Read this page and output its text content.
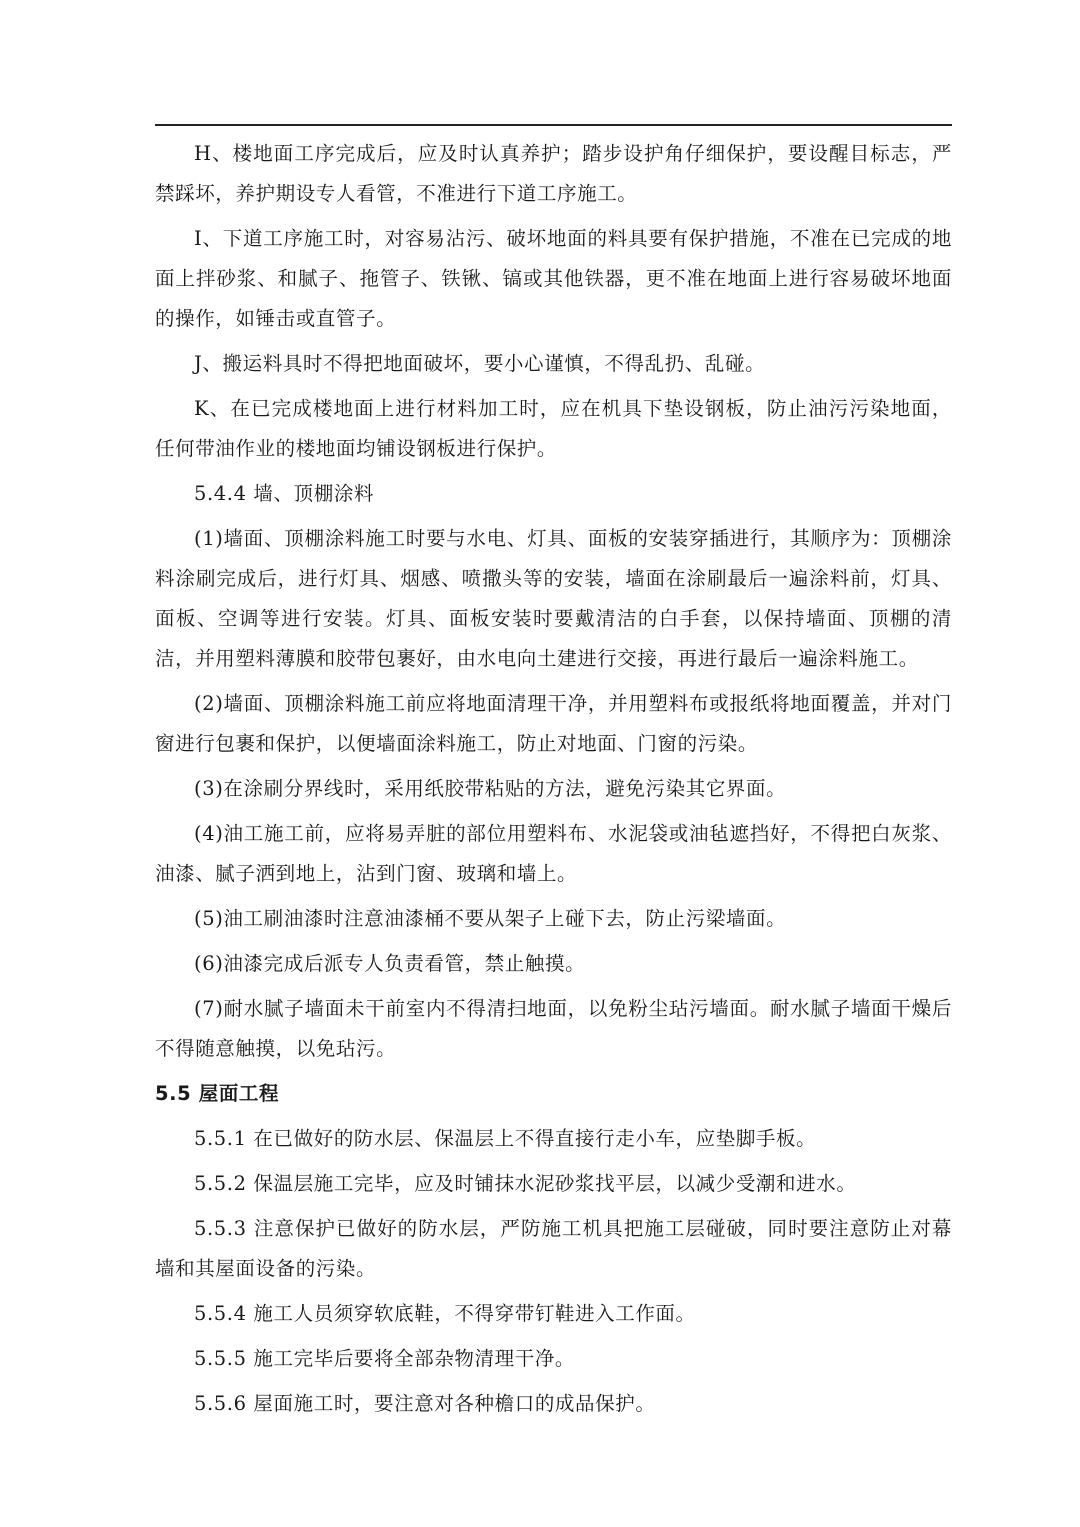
H、楼地面工序完成后，应及时认真养护；踏步设护角仔细保护，要设醒目标志，严禁踩坏，养护期设专人看管，不准进行下道工序施工。

I、下道工序施工时，对容易沾污、破坏地面的料具要有保护措施，不准在已完成的地面上拌砂浆、和腻子、拖管子、铁锹、镐或其他铁器，更不准在地面上进行容易破坏地面的操作，如锤击或直管子。

J、搬运料具时不得把地面破坏，要小心谨慎，不得乱扔、乱碰。

K、在已完成楼地面上进行材料加工时，应在机具下垫设钢板，防止油污污染地面，任何带油作业的楼地面均铺设钢板进行保护。

5.4.4 墙、顶棚涂料

(1)墙面、顶棚涂料施工时要与水电、灯具、面板的安装穿插进行，其顺序为：顶棚涂料涂刷完成后，进行灯具、烟感、喷撒头等的安装，墙面在涂刷最后一遍涂料前，灯具、面板、空调等进行安装。灯具、面板安装时要戴清洁的白手套，以保持墙面、顶棚的清洁，并用塑料薄膜和胶带包裹好，由水电向土建进行交接，再进行最后一遍涂料施工。

(2)墙面、顶棚涂料施工前应将地面清理干净，并用塑料布或报纸将地面覆盖，并对门窗进行包裹和保护，以便墙面涂料施工，防止对地面、门窗的污染。

(3)在涂刷分界线时，采用纸胶带粘贴的方法，避免污染其它界面。

(4)油工施工前，应将易弄脏的部位用塑料布、水泥袋或油毡遮挡好，不得把白灰浆、油漆、腻子洒到地上，沾到门窗、玻璃和墙上。

(5)油工刷油漆时注意油漆桶不要从架子上碰下去，防止污梁墙面。

(6)油漆完成后派专人负责看管，禁止触摸。

(7)耐水腻子墙面未干前室内不得清扫地面，以免粉尘玷污墙面。耐水腻子墙面干燥后不得随意触摸，以免玷污。

5.5 屋面工程

5.5.1 在已做好的防水层、保温层上不得直接行走小车，应垫脚手板。

5.5.2 保温层施工完毕，应及时铺抹水泥砂浆找平层，以减少受潮和进水。

5.5.3 注意保护已做好的防水层，严防施工机具把施工层碰破，同时要注意防止对幕墙和其屋面设备的污染。

5.5.4 施工人员须穿软底鞋，不得穿带钉鞋进入工作面。

5.5.5 施工完毕后要将全部杂物清理干净。

5.5.6 屋面施工时，要注意对各种檐口的成品保护。
